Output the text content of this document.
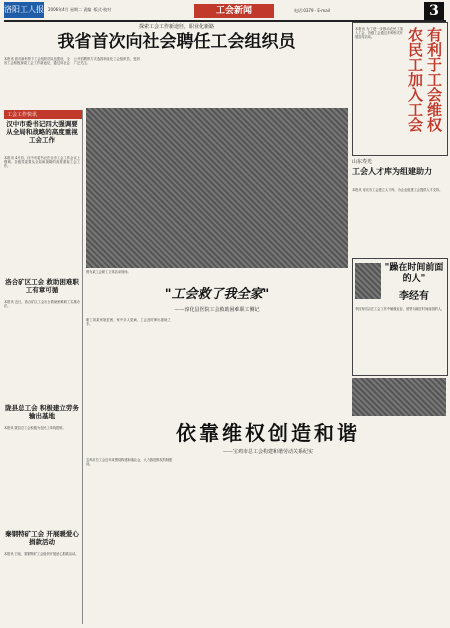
洛阳工人报 2006年4月 星期二 责编 ·版式·校对	工会新闻	电话:0379 · E-mail	3
探索工会工作新途径，职业化新路
我省首次向社会聘任工会组织员
本报讯 面对新形势下工会组织员队伍建设，全省工会积极探索工会工作新途径，通过向社会公开招聘的方式选拔职业化工会组织员，受到广泛关注。	有利于工会维权 农民工加入工会
本报讯 为了进一步推动农民工加入工会，各级工会通过多种形式开展宣传活动。
工会工作快讯
汉中市委书记四大强调要从全局和战略的高度重视工会工作
本报讯 4月初，汉中市委书记在全市工会工作会议上强调，各级党委要从全局和战略的高度重视工会工作。
洛合矿区工会 救助困难职工有章可循
本报讯 近日，洛合矿区工会出台救助困难职工实施办法。
陇县总工会 积极建立劳务输出基地
本报讯 陇县总工会积极为农民工牵线搭桥。
秦钢特矿工会 开展暖爱心捐款活动
本报讯 日前，秦钢特矿工会组织开展爱心捐款活动。
图为某工会职工文体活动现场。
"工会救了我全家"
——淳化县医院工会救助困难职工侧记
职工刘某家境贫困，家中多人患病，工会及时伸出援助之手。
山东寿光
工会人才库为组建助力
本报讯 寿光市工会建立人才库，为企业组建工会提供人才支持。
"躁在时间前面的人"
李经有
李经有同志在工会工作中兢兢业业，被誉为跑在时间前面的人。
依靠维权创造和谐
——宝鸡市总工会构建和谐劳动关系纪实
宝鸡市总工会近年来围绕构建和谐社会，大力推进维权机制建设。
